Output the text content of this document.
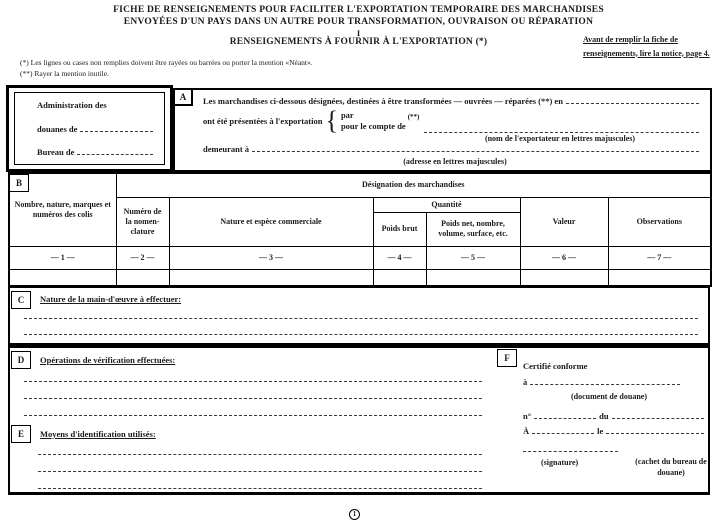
FICHE DE RENSEIGNEMENTS POUR FACILITER L'EXPORTATION TEMPORAIRE DES MARCHANDISES
ENVOYÉES D'UN PAYS DANS UN AUTRE POUR TRANSFORMATION, OUVRAISON OU RÉPARATION
I
RENSEIGNEMENTS À FOURNIR À L'EXPORTATION (*)	Avant de remplir la fiche de renseignements, lire la notice, page 4.
(*) Les lignes ou cases non remplies doivent être rayées ou barrées ou porter la mention «Néant».
(**) Rayer la mention inutile.
Administration des
douanes de
Bureau de
A	Les marchandises ci-dessous désignées, destinées à être transformées — ouvrées — réparées (**) en
ont été présentées à l'exportation { par
pour le compte de
(**)
(nom de l'exportateur en lettres majuscules)
demeurant à
(adresse en lettres majuscules)
Nombre, nature, marques et numéros des colis	Désignation des marchandises					
	Numéro de la nomenclature	Nature et espèce commerciale	Quantité		Valeur	Observations
			Poids brut	Poids net, nombre, volume, surface, etc.		
— 1 —	— 2 —	— 3 —	— 4 —	— 5 —	— 6 —	— 7 —

B
C	Nature de la main-d'œuvre à effectuer:
D	Opérations de vérification effectuées:
E	Moyens d'identification utilisés:
F
Certifié conforme
à
(document de douane)
n°	du
À	le
(signature)	(cachet du bureau de douane)
1
